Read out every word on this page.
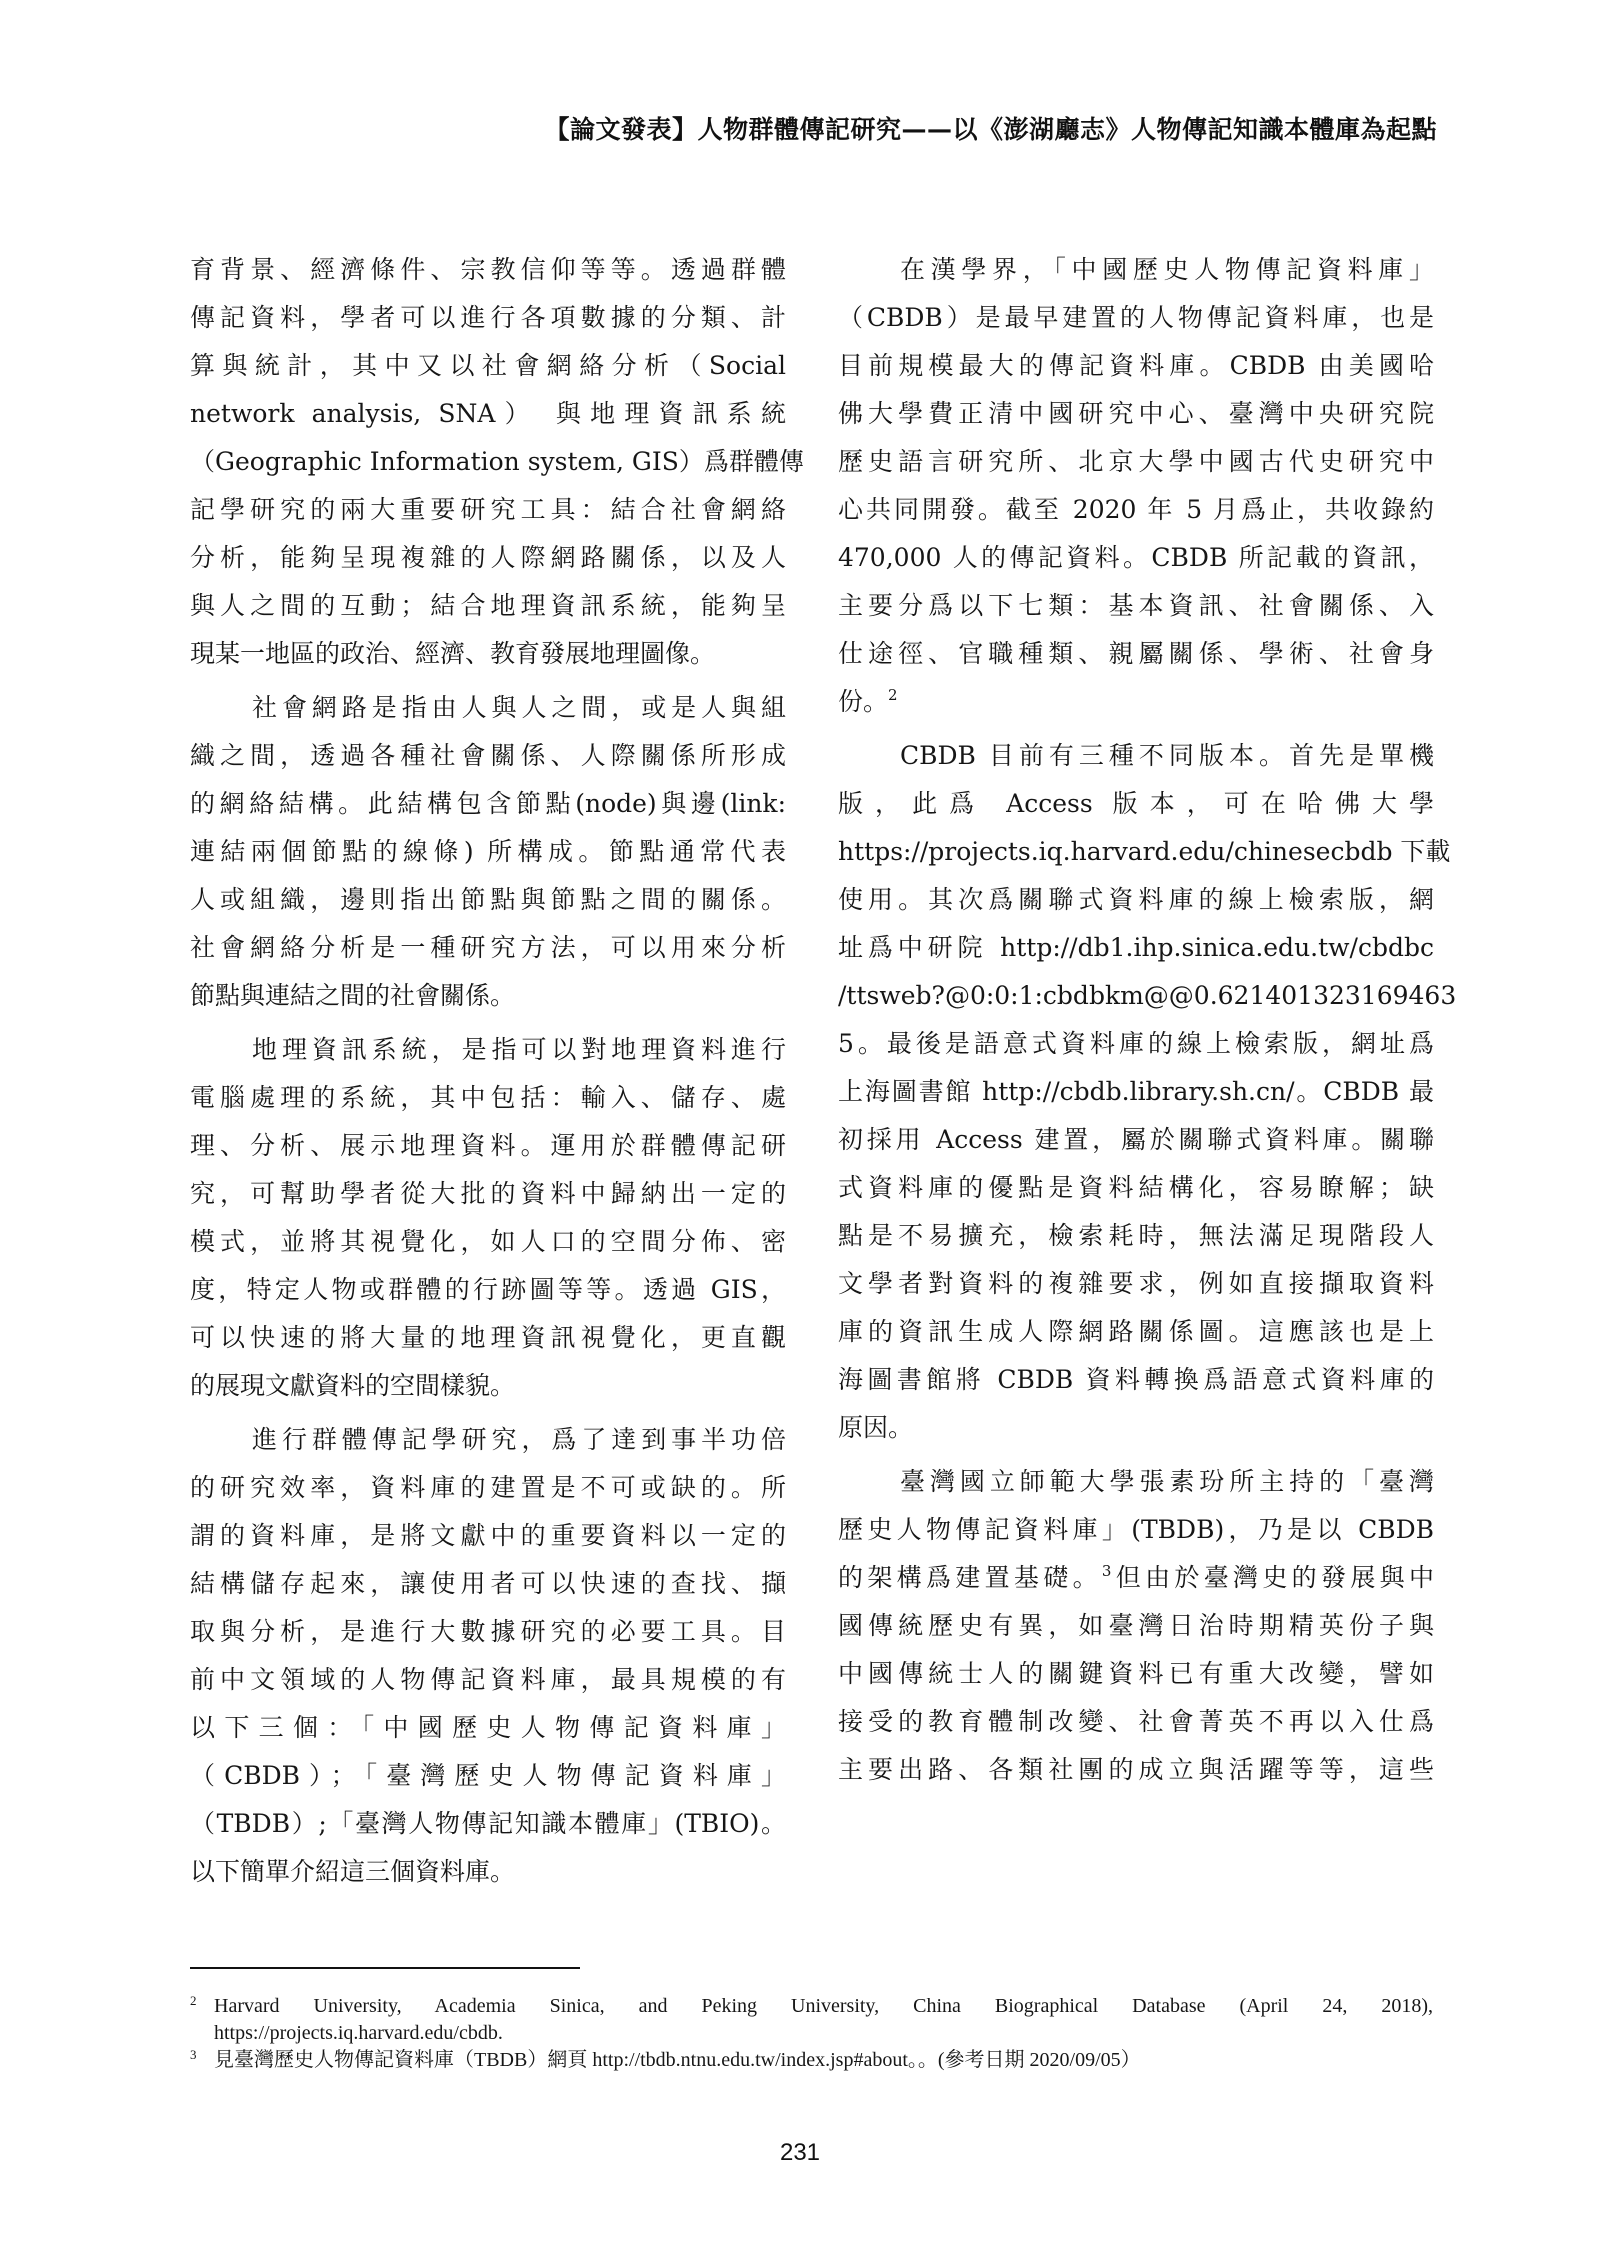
【論文發表】人物群體傳記研究——以《澎湖廳志》人物傳記知識本體庫為起點
育背景、經濟條件、宗教信仰等等。透過群體
傳記資料，學者可以進行各項數據的分類、計
算與統計，其中又以社會網絡分析（Social
network analysis, SNA） 與地理資訊系統
（Geographic Information system, GIS）爲群體傳
記學研究的兩大重要研究工具：結合社會網絡
分析，能夠呈現複雜的人際網路關係，以及人
與人之間的互動；結合地理資訊系統，能夠呈
現某一地區的政治、經濟、教育發展地理圖像。
社會網路是指由人與人之間，或是人與組
織之間，透過各種社會關係、人際關係所形成
的網絡結構。此結構包含節點(node)與邊(link:
連結兩個節點的線條) 所構成。節點通常代表
人或組織，邊則指出節點與節點之間的關係。
社會網絡分析是一種研究方法，可以用來分析
節點與連結之間的社會關係。
地理資訊系統，是指可以對地理資料進行
電腦處理的系統，其中包括：輸入、儲存、處
理、分析、展示地理資料。運用於群體傳記研
究，可幫助學者從大批的資料中歸納出一定的
模式，並將其視覺化，如人口的空間分佈、密
度，特定人物或群體的行跡圖等等。透過 GIS，
可以快速的將大量的地理資訊視覺化，更直觀
的展現文獻資料的空間樣貌。
進行群體傳記學研究，爲了達到事半功倍
的研究效率，資料庫的建置是不可或缺的。所
謂的資料庫，是將文獻中的重要資料以一定的
結構儲存起來，讓使用者可以快速的查找、擷
取與分析，是進行大數據研究的必要工具。目
前中文領域的人物傳記資料庫，最具規模的有
以下三個：「中國歷史人物傳記資料庫」
（CBDB）；「臺灣歷史人物傳記資料庫」
（TBDB）;「臺灣人物傳記知識本體庫」(TBIO)。
以下簡單介紹這三個資料庫。
在漢學界，「中國歷史人物傳記資料庫」
（CBDB）是最早建置的人物傳記資料庫，也是
目前規模最大的傳記資料庫。CBDB 由美國哈
佛大學費正清中國研究中心、臺灣中央研究院
歷史語言研究所、北京大學中國古代史研究中
心共同開發。截至 2020 年 5 月爲止，共收錄約
470,000 人的傳記資料。CBDB 所記載的資訊，
主要分爲以下七類：基本資訊、社會關係、入
仕途徑、官職種類、親屬關係、學術、社會身
份。$^2$
CBDB 目前有三種不同版本。首先是單機
版，此爲 Access 版本，可在哈佛大學
https://projects.iq.harvard.edu/chinesecbdb 下載
使用。其次爲關聯式資料庫的線上檢索版，網
址爲中研院 http://db1.ihp.sinica.edu.tw/cbdbc
/ttsweb?@0:0:1:cbdbkm@@0.621401323169463
5。最後是語意式資料庫的線上檢索版，網址爲
上海圖書館 http://cbdb.library.sh.cn/。CBDB 最
初採用 Access 建置，屬於關聯式資料庫。關聯
式資料庫的優點是資料結構化，容易瞭解；缺
點是不易擴充，檢索耗時，無法滿足現階段人
文學者對資料的複雜要求，例如直接擷取資料
庫的資訊生成人際網路關係圖。這應該也是上
海圖書館將 CBDB 資料轉換爲語意式資料庫的
原因。
臺灣國立師範大學張素玢所主持的「臺灣
歷史人物傳記資料庫」(TBDB)，乃是以 CBDB
的架構爲建置基礎。$^3$但由於臺灣史的發展與中
國傳統歷史有異，如臺灣日治時期精英份子與
中國傳統士人的關鍵資料已有重大改變，譬如
接受的教育體制改變、社會菁英不再以入仕爲
主要出路、各類社團的成立與活躍等等，這些
2 Harvard University, Academia Sinica, and Peking University, China Biographical Database (April 24, 2018),
https://projects.iq.harvard.edu/cbdb.
3 見臺灣歷史人物傳記資料庫（TBDB）網頁 http://tbdb.ntnu.edu.tw/index.jsp#about。。(參考日期 2020/09/05）
231
